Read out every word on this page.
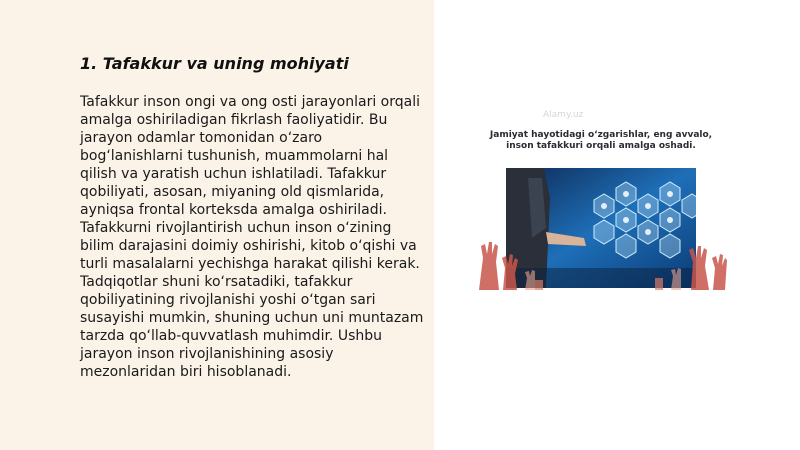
1. Tafakkur va uning mohiyati

Tafakkur inson ongi va ong osti jarayonlari orqali amalga oshiriladigan fikrlash faoliyatidir. Bu jarayon odamlar tomonidan o‘zaro bog‘lanishlarni tushunish, muammolarni hal qilish va yaratish uchun ishlatiladi. Tafakkur qobiliyati, asosan, miyaning old qismlarida, ayniqsa frontal korteksda amalga oshiriladi. Tafakkurni rivojlantirish uchun inson o‘zining bilim darajasini doimiy oshirishi, kitob o‘qishi va turli masalalarni yechishga harakat qilishi kerak. Tadqiqotlar shuni ko‘rsatadiki, tafakkur qobiliyatining rivojlanishi yoshi o‘tgan sari susayishi mumkin, shuning uchun uni muntazam tarzda qo‘llab-quvvatlash muhimdir. Ushbu jarayon inson rivojlanishining asosiy mezonlaridan biri hisoblanadi.

Alamy.uz
Jamiyat hayotidagi o‘zgarishlar, eng avvalo, inson tafakkuri orqali amalga oshadi.
